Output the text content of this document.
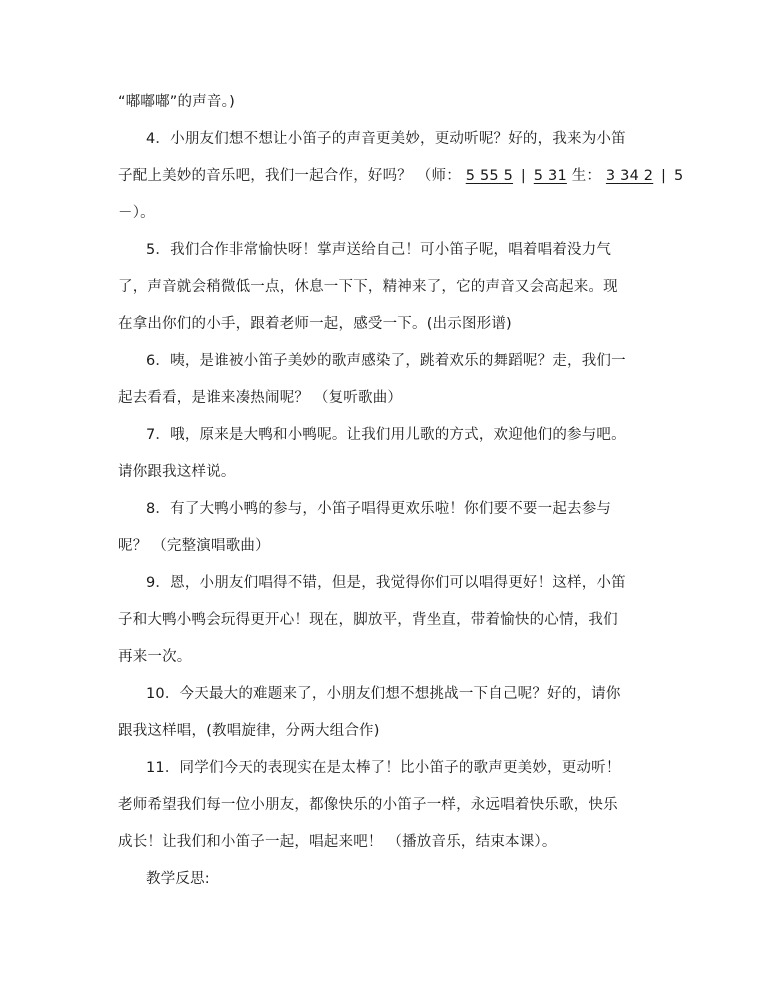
“嘟嘟嘟”的声音。)
4．小朋友们想不想让小笛子的声音更美妙，更动听呢？好的，我来为小笛
子配上美妙的音乐吧，我们一起合作，好吗？ （师： 5 55 5 | 5 31 生： 3 34 2 | 5
－）。
5．我们合作非常愉快呀！掌声送给自己！可小笛子呢，唱着唱着没力气
了，声音就会稍微低一点，休息一下下，精神来了，它的声音又会高起来。现
在拿出你们的小手，跟着老师一起，感受一下。(出示图形谱)
6．咦，是谁被小笛子美妙的歌声感染了，跳着欢乐的舞蹈呢？走，我们一
起去看看，是谁来凑热闹呢？ （复听歌曲）
7．哦，原来是大鸭和小鸭呢。让我们用儿歌的方式，欢迎他们的参与吧。
请你跟我这样说。
8．有了大鸭小鸭的参与，小笛子唱得更欢乐啦！你们要不要一起去参与
呢？ （完整演唱歌曲）
9．恩，小朋友们唱得不错，但是，我觉得你们可以唱得更好！这样，小笛
子和大鸭小鸭会玩得更开心！现在，脚放平，背坐直，带着愉快的心情，我们
再来一次。
10．今天最大的难题来了，小朋友们想不想挑战一下自己呢？好的，请你
跟我这样唱，(教唱旋律，分两大组合作)
11．同学们今天的表现实在是太棒了！比小笛子的歌声更美妙，更动听！
老师希望我们每一位小朋友，都像快乐的小笛子一样，永远唱着快乐歌，快乐
成长！让我们和小笛子一起，唱起来吧！ （播放音乐，结束本课）。
教学反思:
